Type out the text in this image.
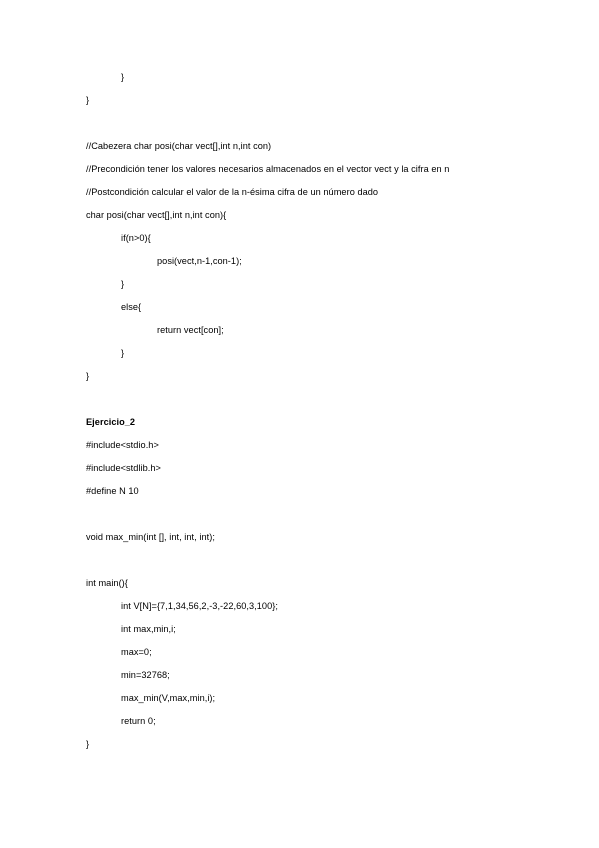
}
}
//Cabezera char posi(char vect[],int n,int con)
//Precondición tener los valores necesarios almacenados en el vector vect y la cifra en n
//Postcondición calcular el valor de la n-ésima cifra de un número dado
char posi(char vect[],int n,int con){
if(n>0){
posi(vect,n-1,con-1);
}
else{
return vect[con];
}
}
Ejercicio_2
#include<stdio.h>
#include<stdlib.h>
#define N 10
void max_min(int [], int, int, int);
int main(){
int V[N]={7,1,34,56,2,-3,-22,60,3,100};
int max,min,i;
max=0;
min=32768;
max_min(V,max,min,i);
return 0;
}
